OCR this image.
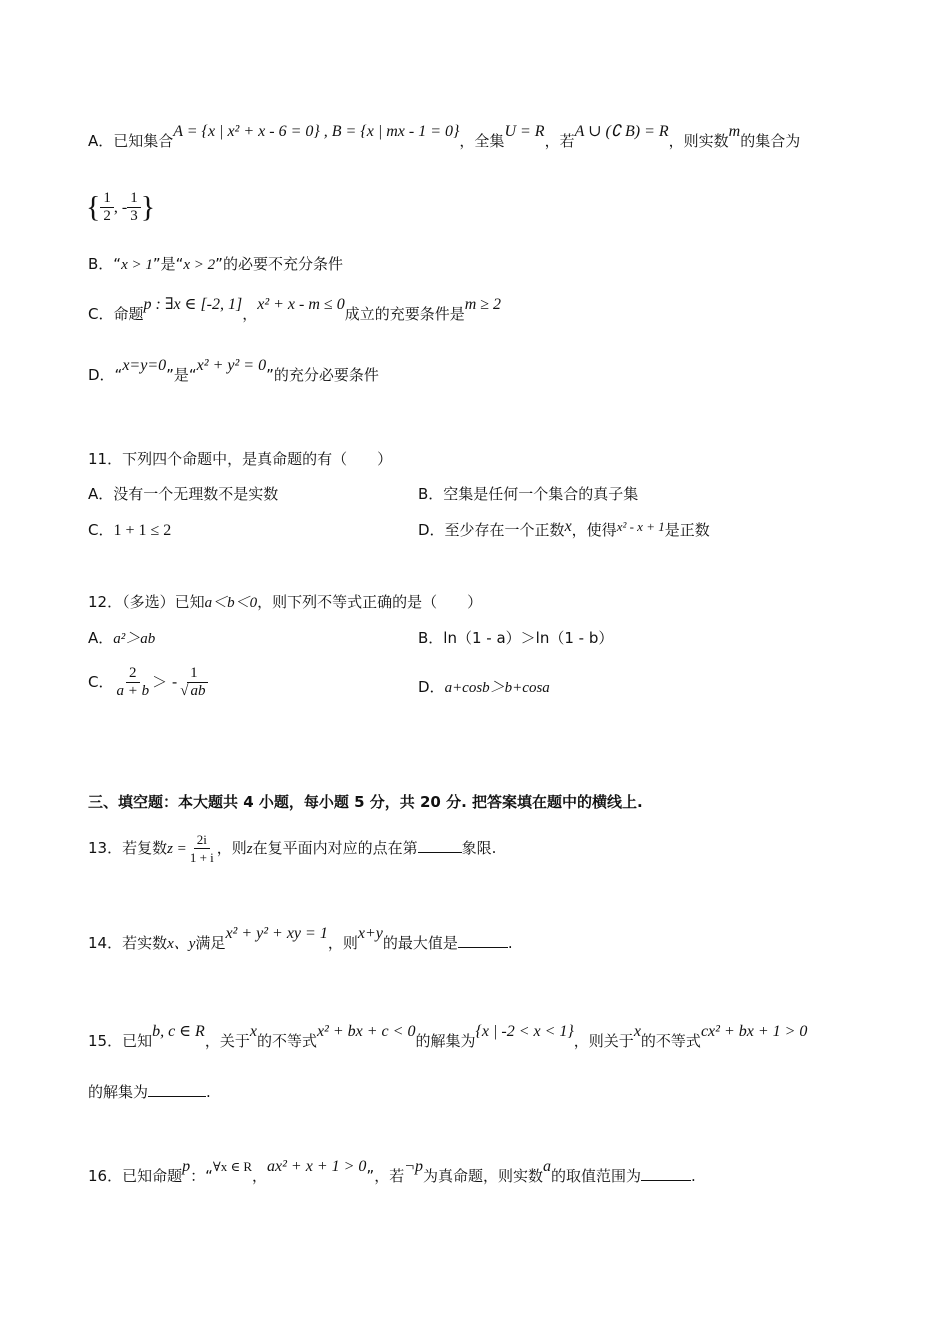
A．已知集合A = {x | x² + x - 6 = 0} , B = {x | mx - 1 = 0}，全集U = R，若A ∪ (∁ B) = R，则实数m的集合为
{ $\frac{1}{2}$ , - $\frac{1}{3}$ }
B．“x > 1”是“x > 2”的必要不充分条件
C．命题p : ∃x ∈ [-2, 1]，x² + x - m ≤ 0成立的充要条件是m ≥ 2
D．“x=y=0”是“x² + y² = 0”的充分必要条件
11．下列四个命题中，是真命题的有（　　）
A．没有一个无理数不是实数	B．空集是任何一个集合的真子集
C．1 + 1 ≤ 2	D．至少存在一个正数x，使得x² - x + 1是正数
12．（多选）已知a＜b＜0，则下列不等式正确的是（　　）
A．a²＞ab	B．ln（1 - a）＞ln（1 - b）
C． $\frac{2}{a + b}$ ＞ - $\frac{1}{√ ab}$	D．a+cosb＞b+cosa
三、填空题：本大题共 4 小题，每小题 5 分，共 20 分. 把答案填在题中的横线上.
13．若复数$z = \frac{2i}{1 + i}$ ，则z在复平面内对应的点在第	象限.
14．若实数x、y满足x² + y² + xy = 1，则x+y的最大值是	.
15．已知b, c ∈ R，关于x的不等式x² + bx + c < 0的解集为{x | -2 < x < 1}，则关于x的不等式cx² + bx + 1 > 0
的解集为	.
16．已知命题p：“∀x ∈ R，ax² + x + 1 > 0”，若¬p为真命题，则实数a的取值范围为	.
